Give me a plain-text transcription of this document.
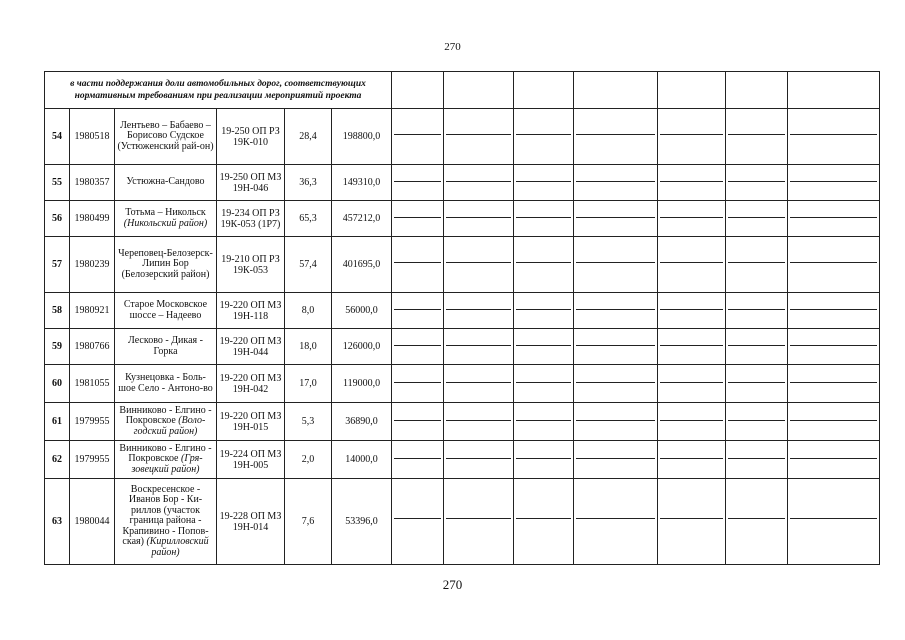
270
в части поддержания доли автомобильных дорог, соответствующих нормативным требованиям при реализации мероприятий проекта												
54	1980518	Лентьево – Бабаево – Борисово Судское (Устюженский рай-он)	19-250 ОП РЗ 19К-010	28,4	198800,0	

55	1980357	Устюжна-Сандово	19-250 ОП МЗ 19Н-046	36,3	149310,0	

56	1980499	Тотьма – Никольск (Никольский район)	19-234 ОП РЗ 19К-053 (1Р7)	65,3	457212,0	

57	1980239	Череповец-Белозерск-Липин Бор (Белозерский район)	19-210 ОП РЗ 19К-053	57,4	401695,0	

58	1980921	Старое Московское шоссе – Надеево	19-220 ОП МЗ 19Н-118	8,0	56000,0	

59	1980766	Лесково - Дикая - Горка	19-220 ОП МЗ 19Н-044	18,0	126000,0	

60	1981055	Кузнецовка - Боль-шое Село - Антоно-во	19-220 ОП МЗ 19Н-042	17,0	119000,0	

61	1979955	Винниково - Елгино - Покровское (Воло-годский район)	19-220 ОП МЗ 19Н-015	5,3	36890,0	

62	1979955	Винниково - Елгино - Покровское (Гря-зовецкий район)	19-224 ОП МЗ 19Н-005	2,0	14000,0	

63	1980044	Воскресенское - Иванов Бор - Ки-риллов (участок граница района - Крапивино - Попов-ская) (Кирилловский район)	19-228 ОП МЗ 19Н-014	7,6	53396,0	

270
